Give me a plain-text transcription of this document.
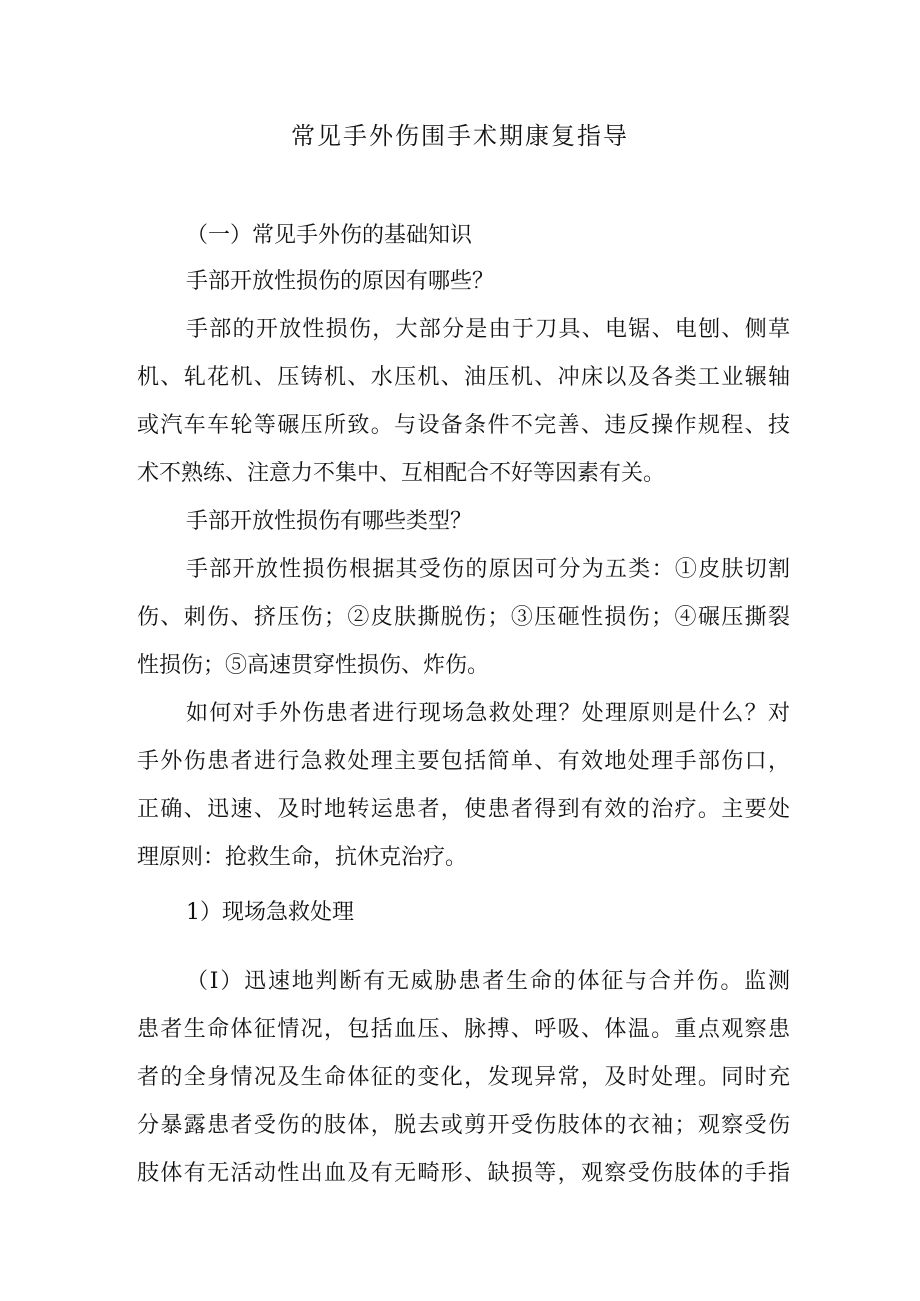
常见手外伤围手术期康复指导

（一）常见手外伤的基础知识

手部开放性损伤的原因有哪些？

手部的开放性损伤，大部分是由于刀具、电锯、电刨、侧草

机、轧花机、压铸机、水压机、油压机、冲床以及各类工业辗轴

或汽车车轮等碾压所致。与设备条件不完善、违反操作规程、技

术不熟练、注意力不集中、互相配合不好等因素有关。

手部开放性损伤有哪些类型？

手部开放性损伤根据其受伤的原因可分为五类：①皮肤切割

伤、刺伤、挤压伤；②皮肤撕脱伤；③压砸性损伤；④碾压撕裂

性损伤；⑤高速贯穿性损伤、炸伤。

如何对手外伤患者进行现场急救处理？处理原则是什么？对

手外伤患者进行急救处理主要包括简单、有效地处理手部伤口，

正确、迅速、及时地转运患者，使患者得到有效的治疗。主要处

理原则：抢救生命，抗休克治疗。

1）现场急救处理

（I）迅速地判断有无威胁患者生命的体征与合并伤。监测

患者生命体征情况，包括血压、脉搏、呼吸、体温。重点观察患

者的全身情况及生命体征的变化，发现异常，及时处理。同时充

分暴露患者受伤的肢体，脱去或剪开受伤肢体的衣袖；观察受伤

肢体有无活动性出血及有无畸形、缺损等，观察受伤肢体的手指
